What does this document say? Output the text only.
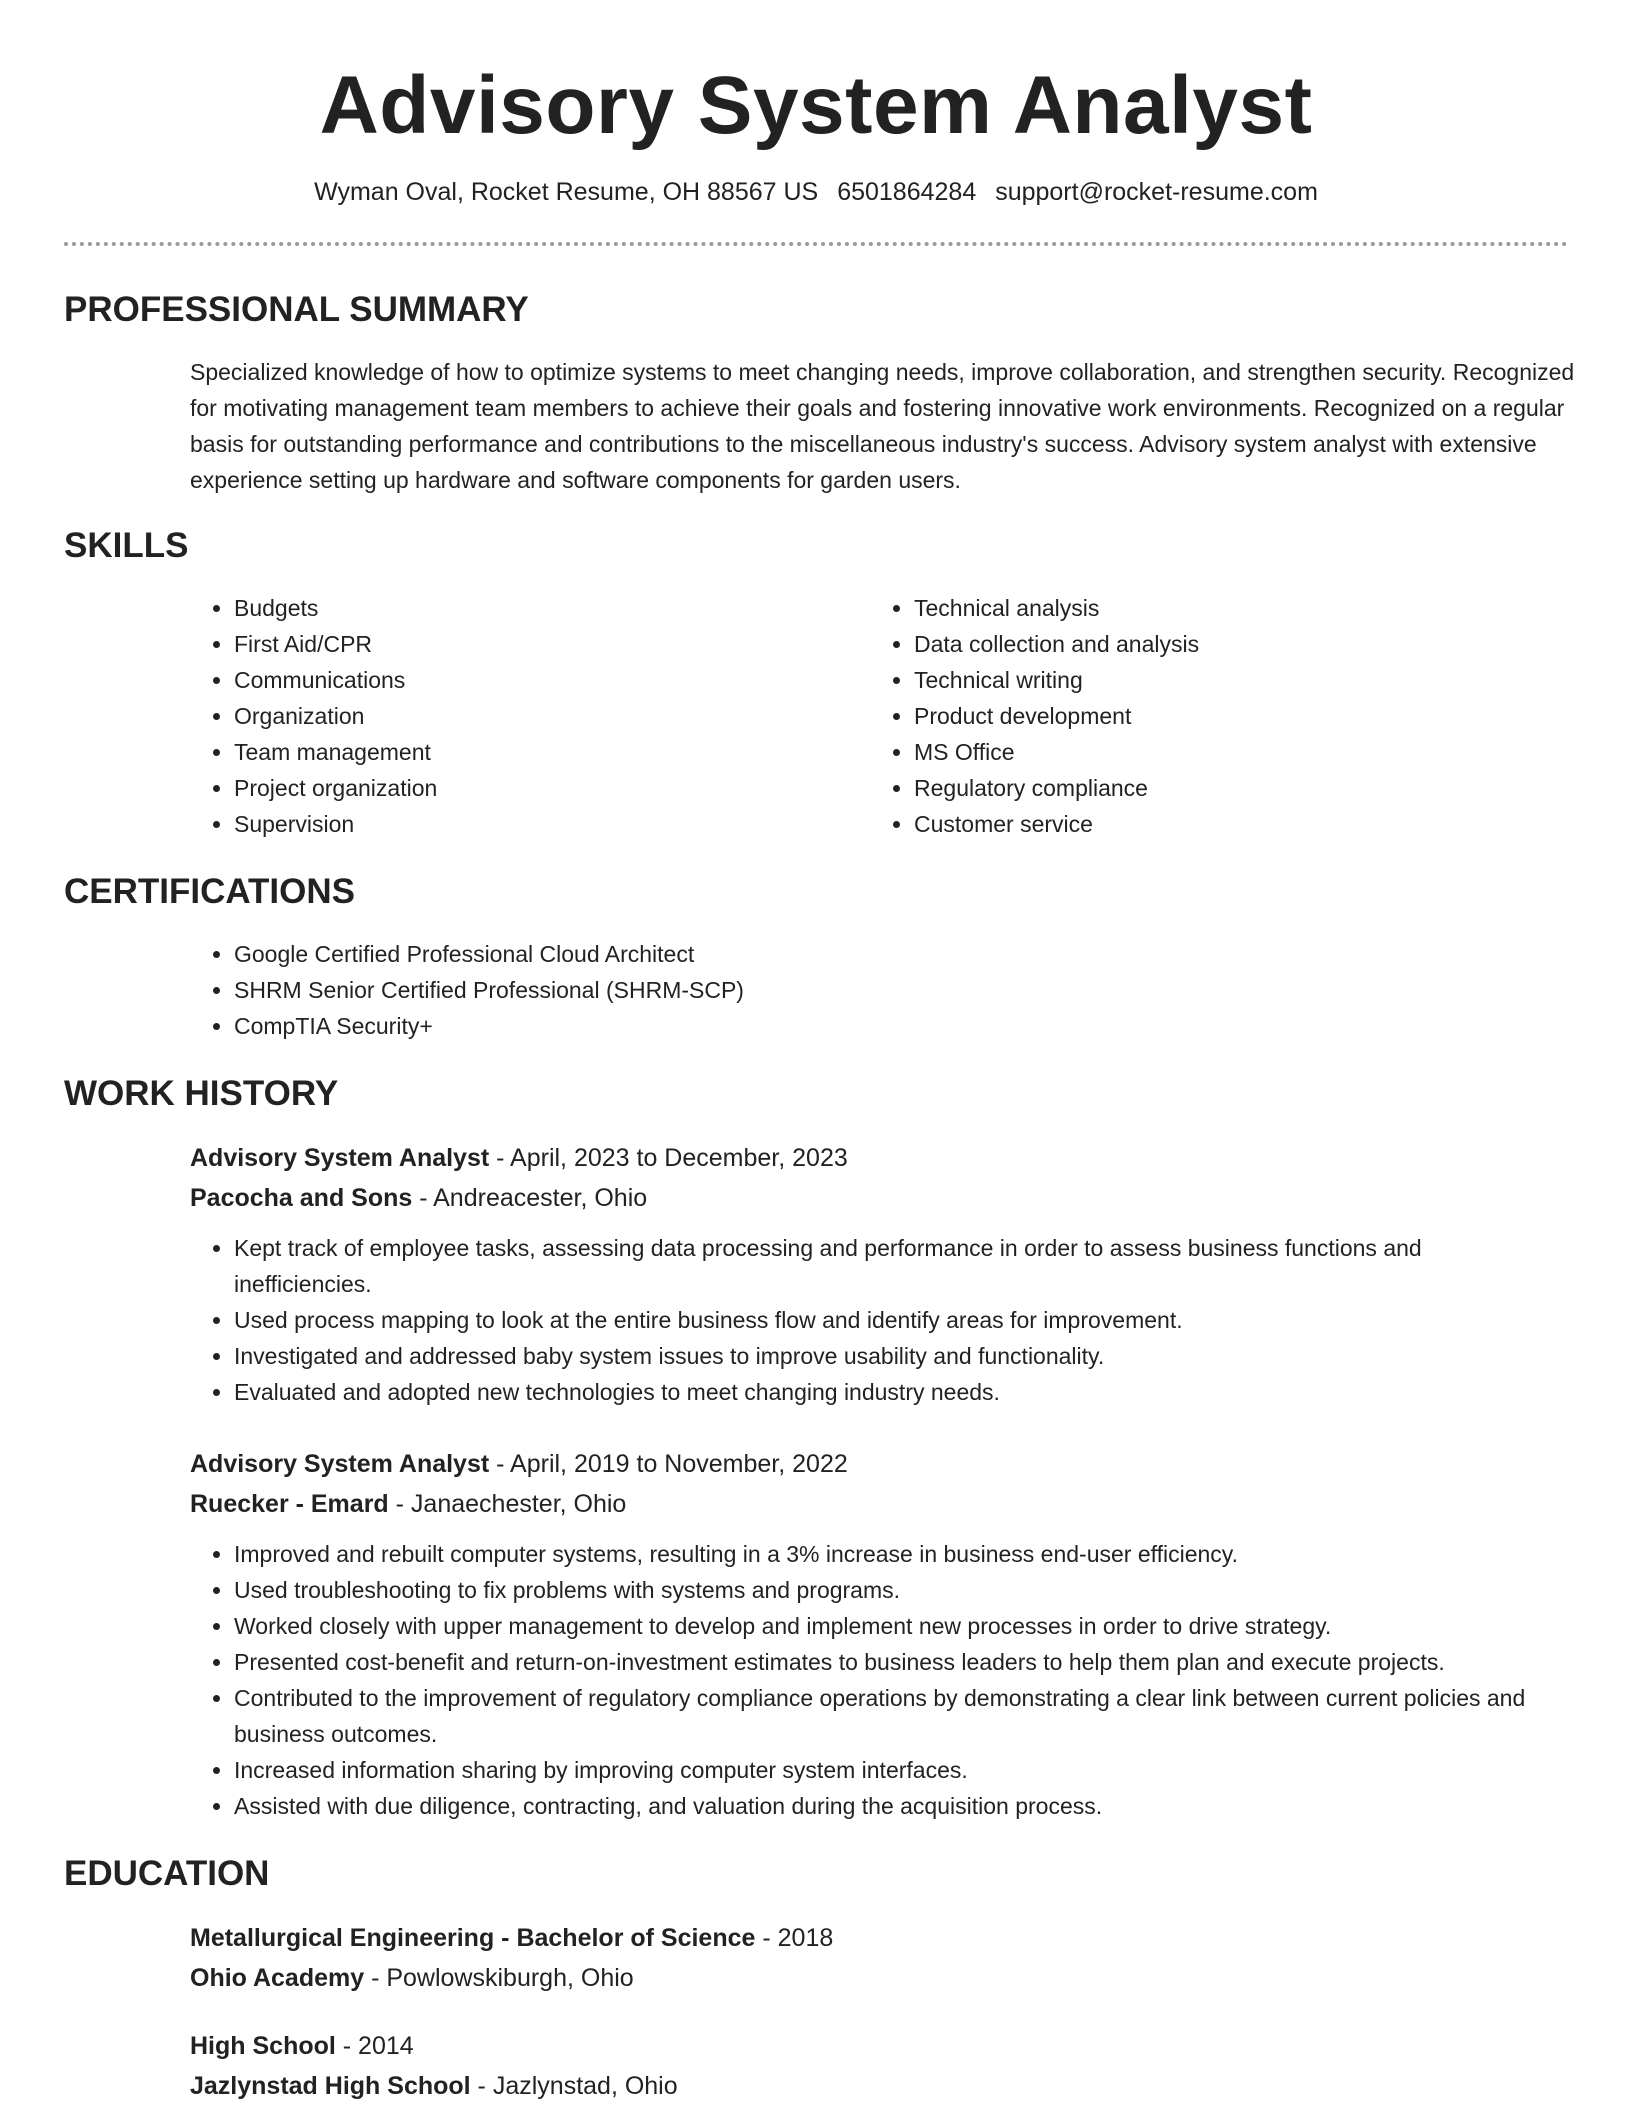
Advisory System Analyst
Wyman Oval, Rocket Resume, OH 88567 US 6501864284 support@rocket-resume.com
PROFESSIONAL SUMMARY
Specialized knowledge of how to optimize systems to meet changing needs, improve collaboration, and strengthen security. Recognized for motivating management team members to achieve their goals and fostering innovative work environments. Recognized on a regular basis for outstanding performance and contributions to the miscellaneous industry's success. Advisory system analyst with extensive experience setting up hardware and software components for garden users.
SKILLS
• Budgets
• First Aid/CPR
• Communications
• Organization
• Team management
• Project organization
• Supervision
• Technical analysis
• Data collection and analysis
• Technical writing
• Product development
• MS Office
• Regulatory compliance
• Customer service
CERTIFICATIONS
• Google Certified Professional Cloud Architect
• SHRM Senior Certified Professional (SHRM-SCP)
• CompTIA Security+
WORK HISTORY
Advisory System Analyst - April, 2023 to December, 2023
Pacocha and Sons - Andreacester, Ohio
• Kept track of employee tasks, assessing data processing and performance in order to assess business functions and inefficiencies.
• Used process mapping to look at the entire business flow and identify areas for improvement.
• Investigated and addressed baby system issues to improve usability and functionality.
• Evaluated and adopted new technologies to meet changing industry needs.
Advisory System Analyst - April, 2019 to November, 2022
Ruecker - Emard - Janaechester, Ohio
• Improved and rebuilt computer systems, resulting in a 3% increase in business end-user efficiency.
• Used troubleshooting to fix problems with systems and programs.
• Worked closely with upper management to develop and implement new processes in order to drive strategy.
• Presented cost-benefit and return-on-investment estimates to business leaders to help them plan and execute projects.
• Contributed to the improvement of regulatory compliance operations by demonstrating a clear link between current policies and business outcomes.
• Increased information sharing by improving computer system interfaces.
• Assisted with due diligence, contracting, and valuation during the acquisition process.
EDUCATION
Metallurgical Engineering - Bachelor of Science - 2018
Ohio Academy - Powlowskiburgh, Ohio
High School - 2014
Jazlynstad High School - Jazlynstad, Ohio
